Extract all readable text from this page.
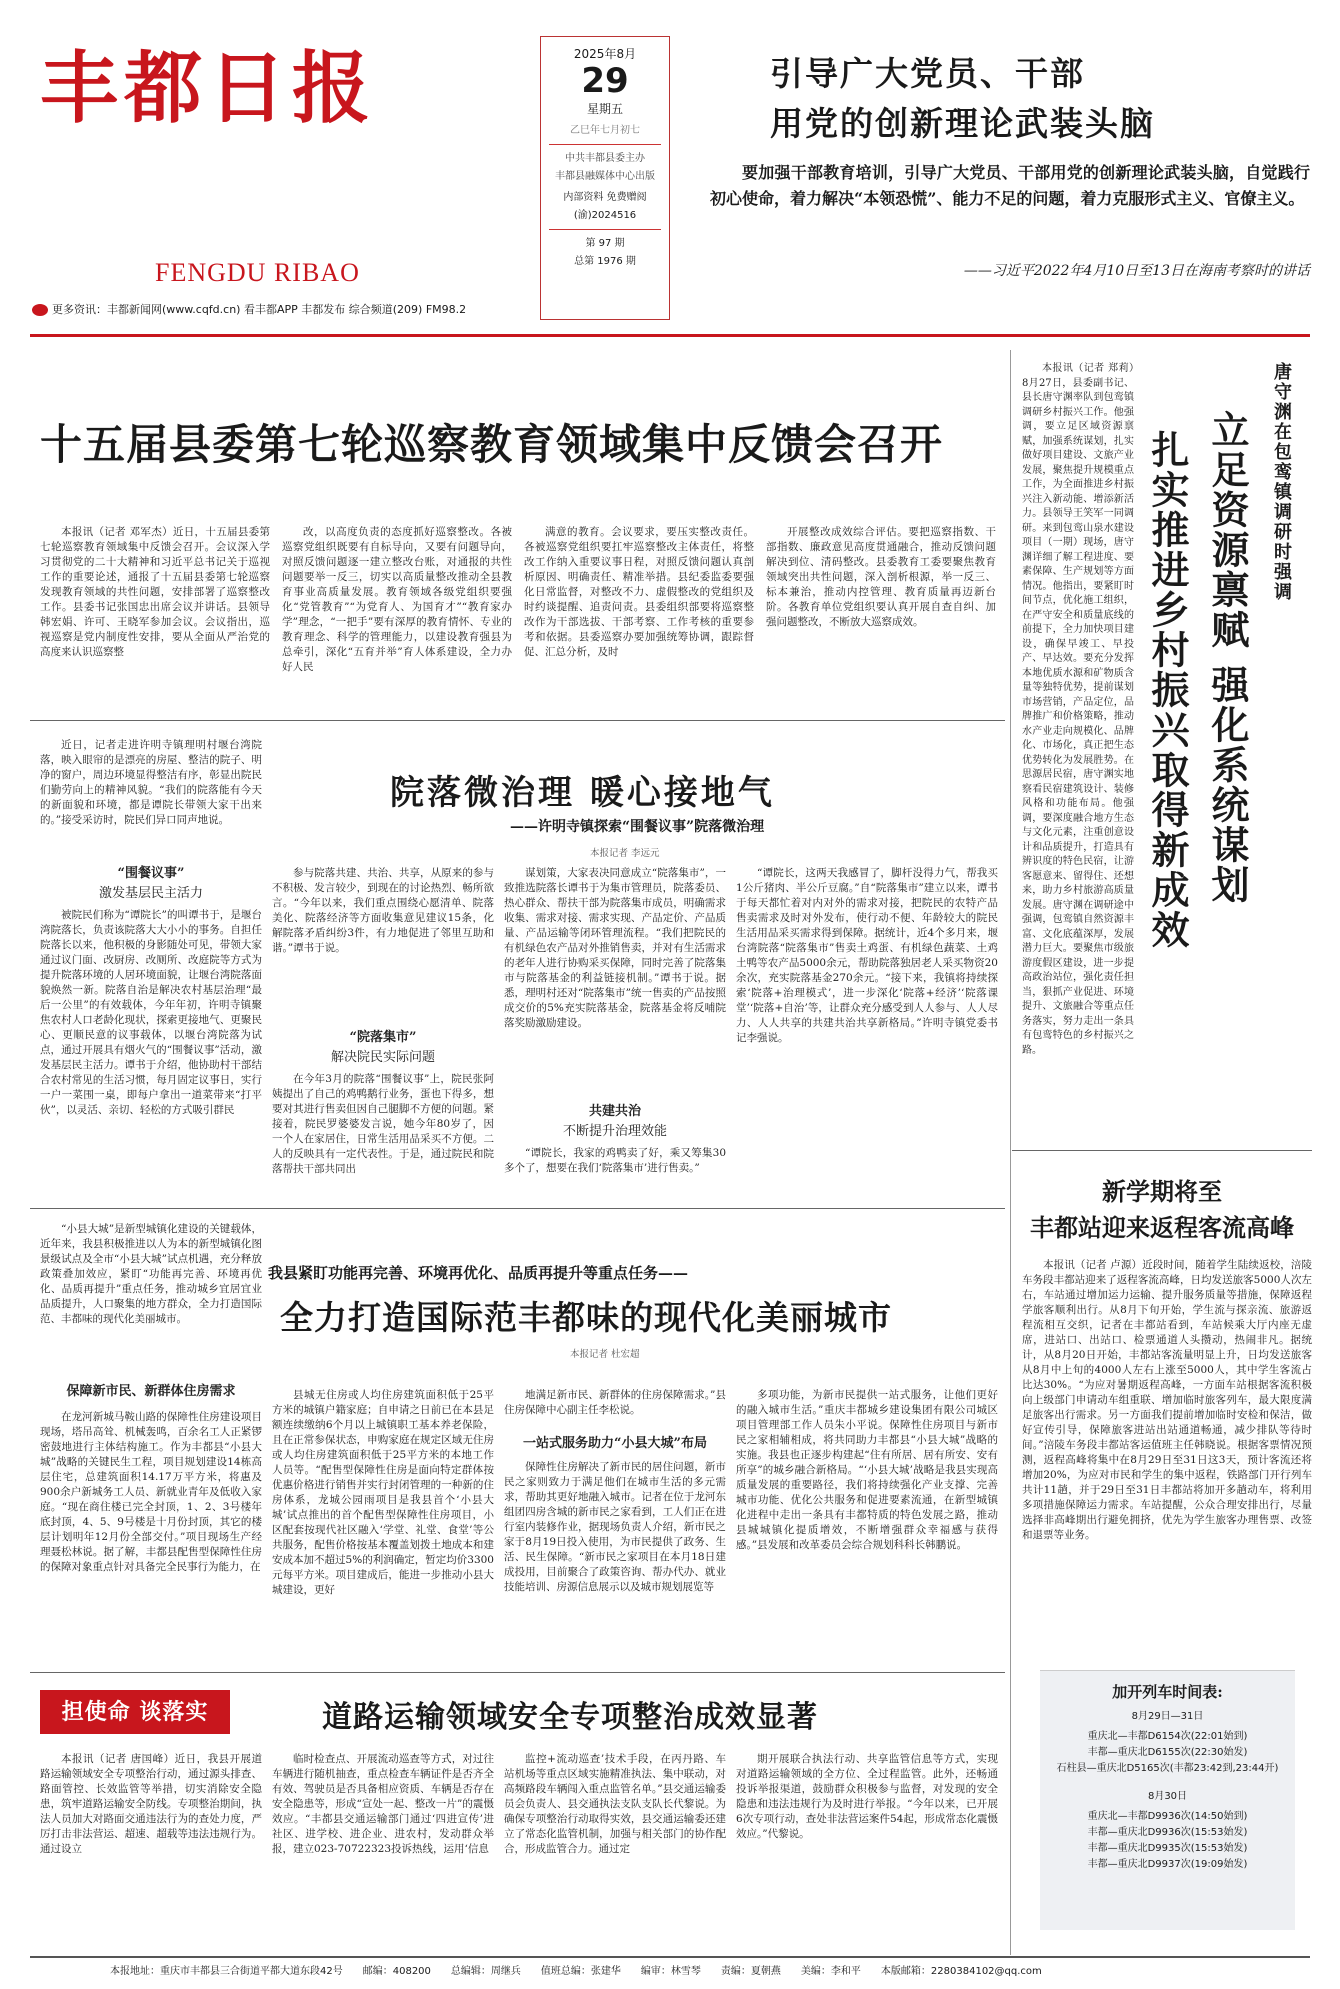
丰都日报
FENGDU RIBAO
更多资讯：丰都新闻网(www.cqfd.cn) 看丰都APP 丰都发布 综合频道(209) FM98.2
2025年8月
29
星期五
乙巳年七月初七
中共丰都县委主办
丰都县融媒体中心出版
内部资料 免费赠阅
(渝)2024516
第 97 期
总第 1976 期
引导广大党员、干部
用党的创新理论武装头脑
要加强干部教育培训，引导广大党员、干部用党的创新理论武装头脑，自觉践行初心使命，着力解决“本领恐慌”、能力不足的问题，着力克服形式主义、官僚主义。
——习近平2022年4月10日至13日在海南考察时的讲话
十五届县委第七轮巡察教育领域集中反馈会召开

本报讯（记者 邓军杰）近日，十五届县委第七轮巡察教育领域集中反馈会召开。会议深入学习贯彻党的二十大精神和习近平总书记关于巡视工作的重要论述，通报了十五届县委第七轮巡察发现教育领域的共性问题，安排部署了巡察整改工作。县委书记张国忠出席会议并讲话。县领导韩宏娟、许可、王晓军参加会议。会议指出，巡视巡察是党内制度性安排，要从全面从严治党的高度来认识巡察整

改，以高度负责的态度抓好巡察整改。各被巡察党组织既要有自标导向，又要有问题导向，对照反馈问题逐一建立整改台账，对通报的共性问题要举一反三，切实以高质量整改推动全县教育事业高质量发展。教育领域各级党组织要强化“党管教育”“为党育人、为国育才”“教育家办学”理念，“一把手”要有深厚的教育情怀、专业的教育理念、科学的管理能力，以建设教育强县为总牵引，深化“五育并举”育人体系建设，全力办好人民

满意的教育。会议要求，要压实整改责任。各被巡察党组织要扛牢巡察整改主体责任，将整改工作纳入重要议事日程，对照反馈问题认真剖析原因、明确责任、精准举措。县纪委监委要强化日常监督，对整改不力、虚假整改的党组织及时约谈提醒、追责问责。县委组织部要将巡察整改作为干部选拔、干部考察、工作考核的重要参考和依据。县委巡察办要加强统筹协调，跟踪督促、汇总分析，及时

开展整改成效综合评估。要把巡察指数、干部指数、廉政意见高度贯通融合，推动反馈问题解决到位、清码整改。县委教育工委要聚焦教育领域突出共性问题，深入剖析根源，举一反三、标本兼治，推动内控管理、教育质量再迈新台阶。各教育单位党组织要认真开展自查自纠、加强问题整改，不断放大巡察成效。

近日，记者走进许明寺镇理明村堰台湾院落，映入眼帘的是漂亮的房屋、整洁的院子、明净的窗户，周边环境显得整洁有序，彰显出院民们勤劳向上的精神风貌。“我们的院落能有今天的新面貌和环境，都是谭院长带领大家干出来的。”接受采访时，院民们异口同声地说。

“围餐议事”
激发基层民主活力

被院民们称为“谭院长”的叫谭书于，是堰台湾院落长，负责该院落大大小小的事务。自担任院落长以来，他积极的身影随处可见，带领大家通过议门面、改厨房、改厕所、改庭院等方式为提升院落环境的人居环境面貌，让堰台湾院落面貌焕然一新。院落自治是解决农村基层治理“最后一公里”的有效载体，今年年初，许明寺镇聚焦农村人口老龄化现状，探索更接地气、更聚民心、更顺民意的议事载体，以堰台湾院落为试点，通过开展具有烟火气的“围餐议事”活动，激发基层民主活力。谭书于介绍，他协助村干部结合农村常见的生活习惯，每月固定议事日，实行一户一菜围一桌，即每户拿出一道菜带来“打平伙”，以灵活、亲切、轻松的方式吸引群民

院落微治理 暖心接地气
——许明寺镇探索“围餐议事”院落微治理
本报记者 李远元

参与院落共建、共治、共享，从原来的参与不积极、发言较少，到现在的讨论热烈、畅所欲言。“今年以来，我们重点围绕心愿清单、院落美化、院落经济等方面收集意见建议15条，化解院落矛盾纠纷3件，有力地促进了邻里互助和谐。”谭书于说。

“院落集市”
解决院民实际问题

在今年3月的院落“围餐议事”上，院民张阿姨提出了自己的鸡鸭鹅行业务，蛋也下得多，想要对其进行售卖但因自己腿脚不方便的问题。紧接着，院民罗婆婆发言说，她今年80岁了，因一个人在家居住，日常生活用品采买不方便。二人的反映具有一定代表性。于是，通过院民和院落帮扶干部共同出

谋划策，大家表决同意成立“院落集市”，一致推选院落长谭书于为集市管理员，院落委员、热心群众、帮扶干部为院落集市成员，明确需求收集、需求对接、需求实现、产品定价、产品质量、产品运输等闭环管理流程。“我们把院民的有机绿色农产品对外推销售卖，并对有生活需求的老年人进行协购采买保障，同时完善了院落集市与院落基金的利益链接机制。”谭书于说。据悉，理明村还对“院落集市”统一售卖的产品按照成交价的5%充实院落基金，院落基金将反哺院落奖励激励建设。

共建共治
不断提升治理效能

“谭院长，我家的鸡鸭卖了好，乘又筹集30多个了，想要在我们‘院落集市’进行售卖。”

“谭院长，这两天我感冒了，脚杆没得力气，帮我买1公斤猪肉、半公斤豆腐。”自“院落集市”建立以来，谭书于每天都忙着对内对外的需求对接，把院民的农特产品售卖需求及时对外发布，使行动不便、年龄较大的院民生活用品采买需求得到保障。据统计，近4个多月来，堰台湾院落“院落集市”售卖土鸡蛋、有机绿色蔬菜、土鸡土鸭等农产品5000余元，帮助院落独居老人采买物资20余次，充实院落基金270余元。“接下来，我镇将持续探索‘院落+治理模式’，进一步深化‘院落+经济’‘院落课堂’‘院落+自治’等，让群众充分感受到人人参与、人人尽力、人人共享的共建共治共享新格局。”许明寺镇党委书记李强说。

“小县大城”是新型城镇化建设的关键载体，近年来，我县积极推进以人为本的新型城镇化图景级试点及全市“小县大城”试点机遇，充分释放政策叠加效应，紧盯“功能再完善、环境再优化、品质再提升”重点任务，推动城乡宜居宜业品质提升，人口聚集的地方群众，全力打造国际范、丰都味的现代化美丽城市。

保障新市民、新群体住房需求

在龙河新城马鞍山路的保障性住房建设项目现场，塔吊高耸、机械轰鸣，百余名工人正紧锣密鼓地进行主体结构施工。作为丰都县“小县大城”战略的关键民生工程，项目规划建设14栋高层住宅，总建筑面积14.17万平方米，将惠及900余户新城务工人员、新就业青年及低收入家庭。“现在商住楼已完全封顶，1、2、3号楼年底封顶，4、5、9号楼是十月份封顶，其它的楼层计划明年12月份全部交付。”项目现场生产经理聂松林说。据了解，丰都县配售型保障性住房的保障对象重点针对具备完全民事行为能力，在

我县紧盯功能再完善、环境再优化、品质再提升等重点任务——
全力打造国际范丰都味的现代化美丽城市
本报记者 杜宏超

县城无住房或人均住房建筑面积低于25平方米的城镇户籍家庭；自申请之日前已在本县足额连续缴纳6个月以上城镇职工基本养老保险，且在正常参保状态，申购家庭在规定区域无住房或人均住房建筑面积低于25平方米的本地工作人员等。“配售型保障性住房是面向特定群体按优惠价格进行销售并实行封闭管理的一种新的住房体系，龙城公园雨项目是我县首个‘小县大城’试点推出的首个配售型保障性住房项目，小区配套按现代社区融入‘学堂、礼堂、食堂’等公共服务，配售价格按基本覆盖划拨土地成本和建安成本加不超过5%的利润确定，暂定均价3300元每平方米。项目建成后，能进一步推动小县大城建设，更好

地满足新市民、新群体的住房保障需求。”县住房保障中心副主任李松说。

一站式服务助力“小县大城”布局

保障性住房解决了新市民的居住问题，新市民之家则致力于满足他们在城市生活的多元需求，帮助其更好地融入城市。记者在位于龙河东组团四房含城的新市民之家看到，工人们正在进行室内装修作业，据现场负责人介绍，新市民之家于8月19日投入使用，为市民提供了政务、生活、民生保障。“新市民之家项目在本月18日建成投用，目前聚合了政策咨询、帮办代办、就业技能培训、房源信息展示以及城市规划展览等

多项功能，为新市民提供一站式服务，让他们更好的融入城市生活。”重庆丰都城乡建设集团有限公司城区项目管理部工作人员朱小平说。保障性住房项目与新市民之家相辅相成，将共同助力丰都县“小县大城”战略的实施。我县也正逐步构建起“住有所居、居有所安、安有所享”的城乡融合新格局。“‘小县大城’战略是我县实现高质量发展的重要路径，我们将持续强化产业支撑、完善城市功能、优化公共服务和促进要素流通，在新型城镇化进程中走出一条具有丰都特质的特色发展之路，推动县城城镇化提质增效，不断增强群众幸福感与获得感。”县发展和改革委员会综合规划科科长韩鹏说。

担使命 谈落实	道路运输领域安全专项整治成效显著

本报讯（记者 唐国峰）近日，我县开展道路运输领域安全专项整治行动，通过源头排查、路面管控、长效监管等举措，切实消除安全隐患，筑牢道路运输安全防线。专项整治期间，执法人员加大对路面交通违法行为的查处力度，严厉打击非法营运、超速、超载等违法违规行为。通过设立

临时检查点、开展流动巡查等方式，对过往车辆进行随机抽查，重点检查车辆证件是否齐全有效、驾驶员是否具备相应资质、车辆是否存在安全隐患等，形成“宣处一起、整改一片”的震慑效应。“丰都县交通运输部门通过‘四进宣传’进社区、进学校、进企业、进农村，发动群众举报，建立023-70722323投诉热线，运用‘信息

监控+流动巡查’技术手段，在丙丹路、车站机场等重点区域实施精准执法、集中联动，对高频路段车辆闯入重点监管名单。”县交通运输委员会负责人、县交通执法支队支队长代黎说。为确保专项整治行动取得实效，县交通运输委还建立了常态化监管机制，加强与相关部门的协作配合，形成监管合力。通过定

期开展联合执法行动、共享监管信息等方式，实现对道路运输领域的全方位、全过程监管。此外，还畅通投诉举报渠道，鼓励群众积极参与监督，对发现的安全隐患和违法违规行为及时进行举报。“今年以来，已开展6次专项行动，查处非法营运案件54起，形成常态化震慑效应。”代黎说。

唐守渊在包鸾镇调研时强调
立足资源禀赋 强化系统谋划
扎实推进乡村振兴取得新成效

本报讯（记者 郑莉）8月27日，县委副书记、县长唐守渊率队到包鸾镇调研乡村振兴工作。他强调，要立足区域资源禀赋，加强系统谋划，扎实做好项目建设、文旅产业发展，聚焦提升规模重点工作，为全面推进乡村振兴注入新动能、增添新活力。县领导王笑军一同调研。来到包鸾山泉水建设项目（一期）现场，唐守渊详细了解工程进度、要素保障、生产规划等方面情况。他指出，要紧盯时间节点，优化施工组织，在严守安全和质量底线的前提下，全力加快项目建设，确保早竣工、早投产、早达效。要充分发挥本地优质水源和矿物质含量等独特优势，提前谋划市场营销，产品定位，品牌推广和价格策略，推动水产业走向规模化、品牌化、市场化，真正把生态优势转化为发展胜势。在思源居民宿，唐守渊实地察看民宿建筑设计、装修风格和功能布局。他强调，要深度融合地方生态与文化元素，注重创意设计和品质提升，打造具有辨识度的特色民宿，让游客愿意来、留得住、还想来，助力乡村旅游高质量发展。唐守渊在调研途中强调，包鸾镇自然资源丰富、文化底蕴深厚，发展潜力巨大。要聚焦市级旅游度假区建设，进一步提高政治站位，强化责任担当，狠抓产业促进、环境提升、文旅融合等重点任务落实，努力走出一条具有包鸾特色的乡村振兴之路。

新学期将至
丰都站迎来返程客流高峰

本报讯（记者 卢源）近段时间，随着学生陆续返校，涪陵车务段丰都站迎来了返程客流高峰，日均发送旅客5000人次左右，车站通过增加运力运输、提升服务质量等措施，保障返程学旅客顺利出行。从8月下旬开始，学生流与探亲流、旅游返程流相互交织，记者在丰都站看到，车站候乘大厅内座无虚席，进站口、出站口、检票通道人头攒动，热闹非凡。据统计，从8月20日开始，丰都站客流量明显上升，日均发送旅客从8月中上旬的4000人左右上涨至5000人，其中学生客流占比达30%。“为应对暑期返程高峰，一方面车站根据客流积极向上级部门申请动车组重联、增加临时旅客列车，最大限度满足旅客出行需求。另一方面我们提前增加临时安检和保洁，做好宣传引导，保障旅客进站出站通道畅通，减少排队等待时间。”涪陵车务段丰都站客运值班主任韩晓说。根据客票情况预测，返程高峰将集中在8月29日至31日这3天，预计客流还将增加20%，为应对市民和学生的集中返程，铁路部门开行列车共计11趟，并于29日至31日丰都站将加开多趟动车，将利用多项措施保障运力需求。车站提醒，公众合理安排出行，尽量选择非高峰期出行避免拥挤，优先为学生旅客办理售票、改签和退票等业务。

加开列车时间表:
8月29日—31日
重庆北—丰都D6154次(22:01始到)
丰都—重庆北D6155次(22:30始发)
石柱县—重庆北D5165次(丰都23:42到,23:44开)
8月30日
重庆北—丰都D9936次(14:50始到)
丰都—重庆北D9936次(15:53始发)
丰都—重庆北D9935次(15:53始发)
丰都—重庆北D9937次(19:09始发)
本报地址：重庆市丰都县三合街道平都大道东段42号 邮编：408200 总编辑：周继兵 值班总编：张建华 编审：林雪琴 责编：夏朝燕 美编：李和平 本版邮箱：2280384102@qq.com
